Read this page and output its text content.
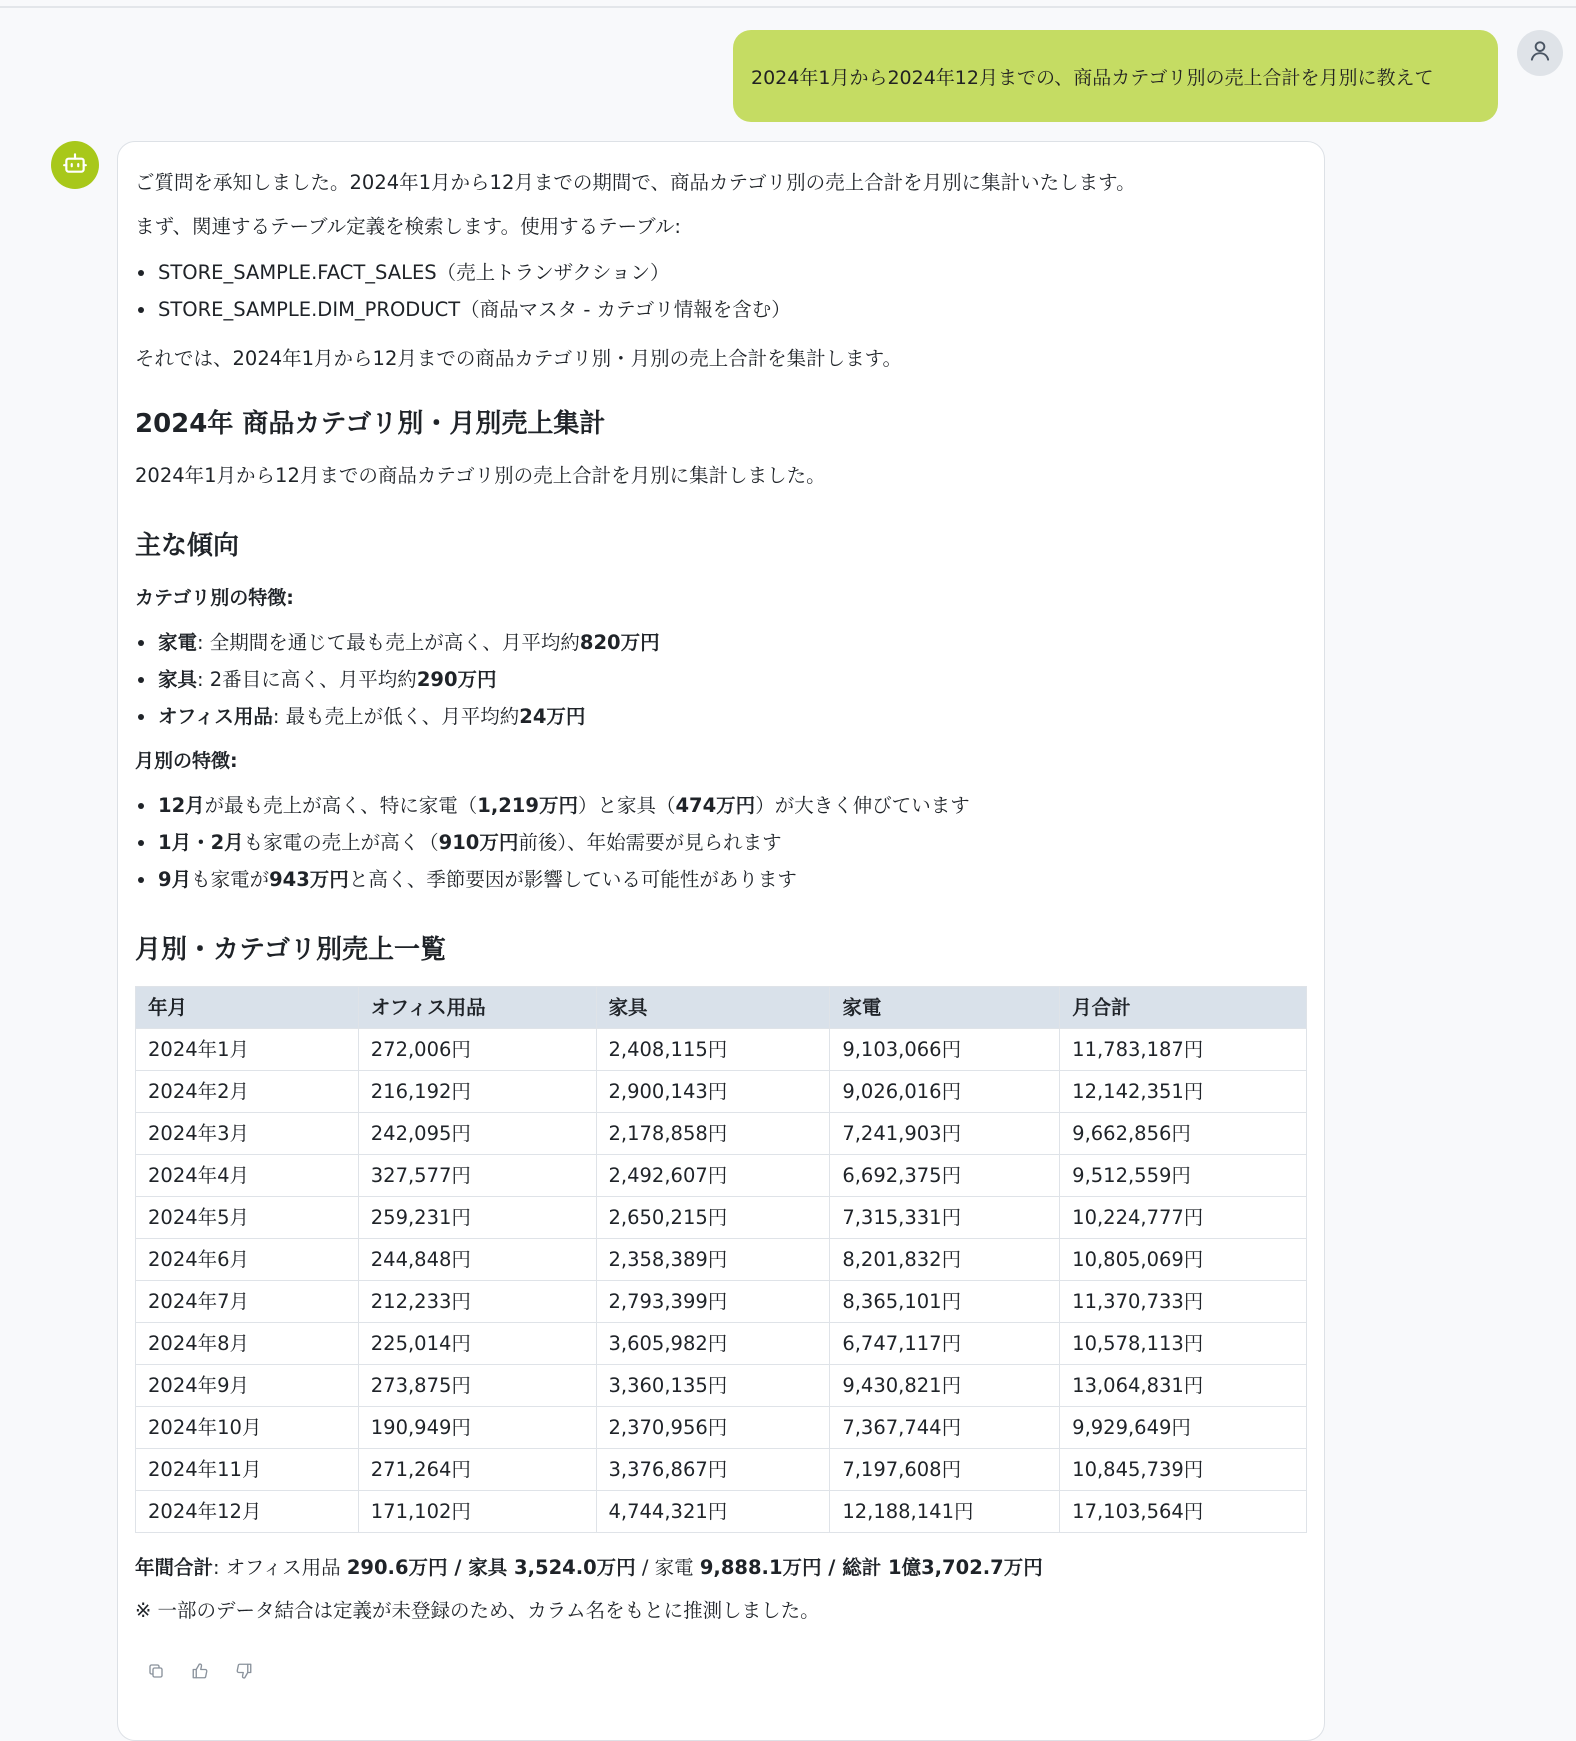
2024年1月から2024年12月までの、商品カテゴリ別の売上合計を月別に教えて

ご質問を承知しました。2024年1月から12月までの期間で、商品カテゴリ別の売上合計を月別に集計いたします。

まず、関連するテーブル定義を検索します。使用するテーブル:

STORE_SAMPLE.FACT_SALES（売上トランザクション）
STORE_SAMPLE.DIM_PRODUCT（商品マスタ - カテゴリ情報を含む）

それでは、2024年1月から12月までの商品カテゴリ別・月別の売上合計を集計します。

2024年 商品カテゴリ別・月別売上集計

2024年1月から12月までの商品カテゴリ別の売上合計を月別に集計しました。

主な傾向

カテゴリ別の特徴:

家電: 全期間を通じて最も売上が高く、月平均約820万円
家具: 2番目に高く、月平均約290万円
オフィス用品: 最も売上が低く、月平均約24万円

月別の特徴:

12月が最も売上が高く、特に家電（1,219万円）と家具（474万円）が大きく伸びています
1月・2月も家電の売上が高く（910万円前後）、年始需要が見られます
9月も家電が943万円と高く、季節要因が影響している可能性があります
月別・カテゴリ別売上一覧
年月	オフィス用品	家具	家電	月合計
2024年1月	272,006円	2,408,115円	9,103,066円	11,783,187円
2024年2月	216,192円	2,900,143円	9,026,016円	12,142,351円
2024年3月	242,095円	2,178,858円	7,241,903円	9,662,856円
2024年4月	327,577円	2,492,607円	6,692,375円	9,512,559円
2024年5月	259,231円	2,650,215円	7,315,331円	10,224,777円
2024年6月	244,848円	2,358,389円	8,201,832円	10,805,069円
2024年7月	212,233円	2,793,399円	8,365,101円	11,370,733円
2024年8月	225,014円	3,605,982円	6,747,117円	10,578,113円
2024年9月	273,875円	3,360,135円	9,430,821円	13,064,831円
2024年10月	190,949円	2,370,956円	7,367,744円	9,929,649円
2024年11月	271,264円	3,376,867円	7,197,608円	10,845,739円
2024年12月	171,102円	4,744,321円	12,188,141円	17,103,564円

年間合計: オフィス用品 290.6万円 / 家具 3,524.0万円 / 家電 9,888.1万円 / 総計 1億3,702.7万円

※ 一部のデータ結合は定義が未登録のため、カラム名をもとに推測しました。
